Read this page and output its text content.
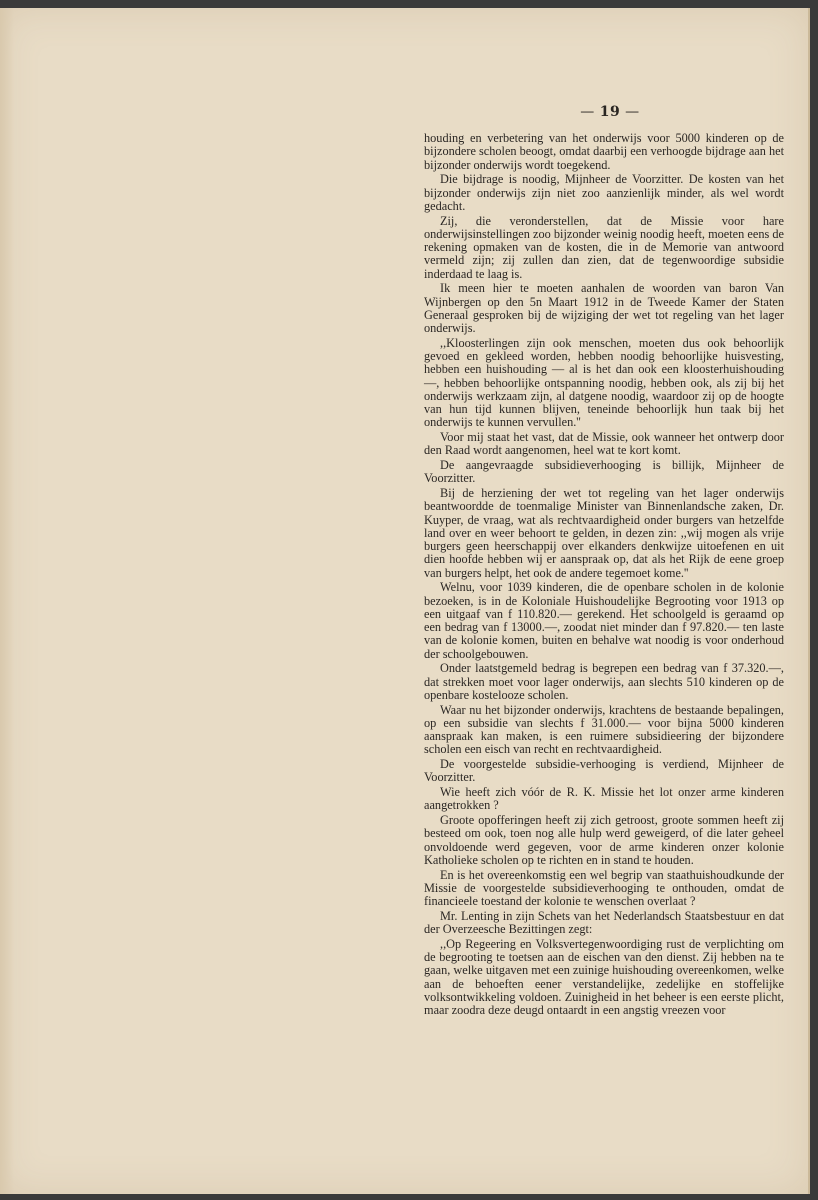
— 19 —

houding en verbetering van het onderwijs voor 5000 kinderen op de bijzondere scholen beoogt, omdat daarbij een verhoogde bijdrage aan het bijzonder onderwijs wordt toegekend.

Die bijdrage is noodig, Mijnheer de Voorzitter. De kosten van het bijzonder onderwijs zijn niet zoo aanzienlijk minder, als wel wordt gedacht.

Zij, die veronderstellen, dat de Missie voor hare onderwijsinstellingen zoo bijzonder weinig noodig heeft, moeten eens de rekening opmaken van de kosten, die in de Memorie van antwoord vermeld zijn; zij zullen dan zien, dat de tegenwoordige subsidie inderdaad te laag is.

Ik meen hier te moeten aanhalen de woorden van baron Van Wijnbergen op den 5n Maart 1912 in de Tweede Kamer der Staten Generaal gesproken bij de wijziging der wet tot regeling van het lager onderwijs.

,,Kloosterlingen zijn ook menschen, moeten dus ook behoorlijk gevoed en gekleed worden, hebben noodig behoorlijke huisvesting, hebben een huishouding — al is het dan ook een kloosterhuishouding —, hebben behoorlijke ontspanning noodig, hebben ook, als zij bij het onderwijs werkzaam zijn, al datgene noodig, waardoor zij op de hoogte van hun tijd kunnen blijven, teneinde behoorlijk hun taak bij het onderwijs te kunnen vervullen.''

Voor mij staat het vast, dat de Missie, ook wanneer het ontwerp door den Raad wordt aangenomen, heel wat te kort komt.

De aangevraagde subsidieverhooging is billijk, Mijnheer de Voorzitter.

Bij de herziening der wet tot regeling van het lager onderwijs beantwoordde de toenmalige Minister van Binnenlandsche zaken, Dr. Kuyper, de vraag, wat als rechtvaardigheid onder burgers van hetzelfde land over en weer behoort te gelden, in dezen zin: ,,wij mogen als vrije burgers geen heerschappij over elkanders denkwijze uitoefenen en uit dien hoofde hebben wij er aanspraak op, dat als het Rijk de eene groep van burgers helpt, het ook de andere tegemoet kome.''

Welnu, voor 1039 kinderen, die de openbare scholen in de kolonie bezoeken, is in de Koloniale Huishoudelijke Begrooting voor 1913 op een uitgaaf van f 110.820.— gerekend. Het schoolgeld is geraamd op een bedrag van f 13000.—, zoodat niet minder dan f 97.820.— ten laste van de kolonie komen, buiten en behalve wat noodig is voor onderhoud der schoolgebouwen.

Onder laatstgemeld bedrag is begrepen een bedrag van f 37.320.—, dat strekken moet voor lager onderwijs, aan slechts 510 kinderen op de openbare kostelooze scholen.

Waar nu het bijzonder onderwijs, krachtens de bestaande bepalingen, op een subsidie van slechts f 31.000.— voor bijna 5000 kinderen aanspraak kan maken, is een ruimere subsidieering der bijzondere scholen een eisch van recht en rechtvaardigheid.

De voorgestelde subsidie-verhooging is verdiend, Mijnheer de Voorzitter.

Wie heeft zich vóór de R. K. Missie het lot onzer arme kinderen aangetrokken ?

Groote opofferingen heeft zij zich getroost, groote sommen heeft zij besteed om ook, toen nog alle hulp werd geweigerd, of die later geheel onvoldoende werd gegeven, voor de arme kinderen onzer kolonie Katholieke scholen op te richten en in stand te houden.

En is het overeenkomstig een wel begrip van staathuishoudkunde der Missie de voorgestelde subsidieverhooging te onthouden, omdat de financieele toestand der kolonie te wenschen overlaat ?

Mr. Lenting in zijn Schets van het Nederlandsch Staatsbestuur en dat der Overzeesche Bezittingen zegt:

,,Op Regeering en Volksvertegenwoordiging rust de verplichting om de begrooting te toetsen aan de eischen van den dienst. Zij hebben na te gaan, welke uitgaven met een zuinige huishouding overeenkomen, welke aan de behoeften eener verstandelijke, zedelijke en stoffelijke volksontwikkeling voldoen. Zuinigheid in het beheer is een eerste plicht, maar zoodra deze deugd ontaardt in een angstig vreezen voor
